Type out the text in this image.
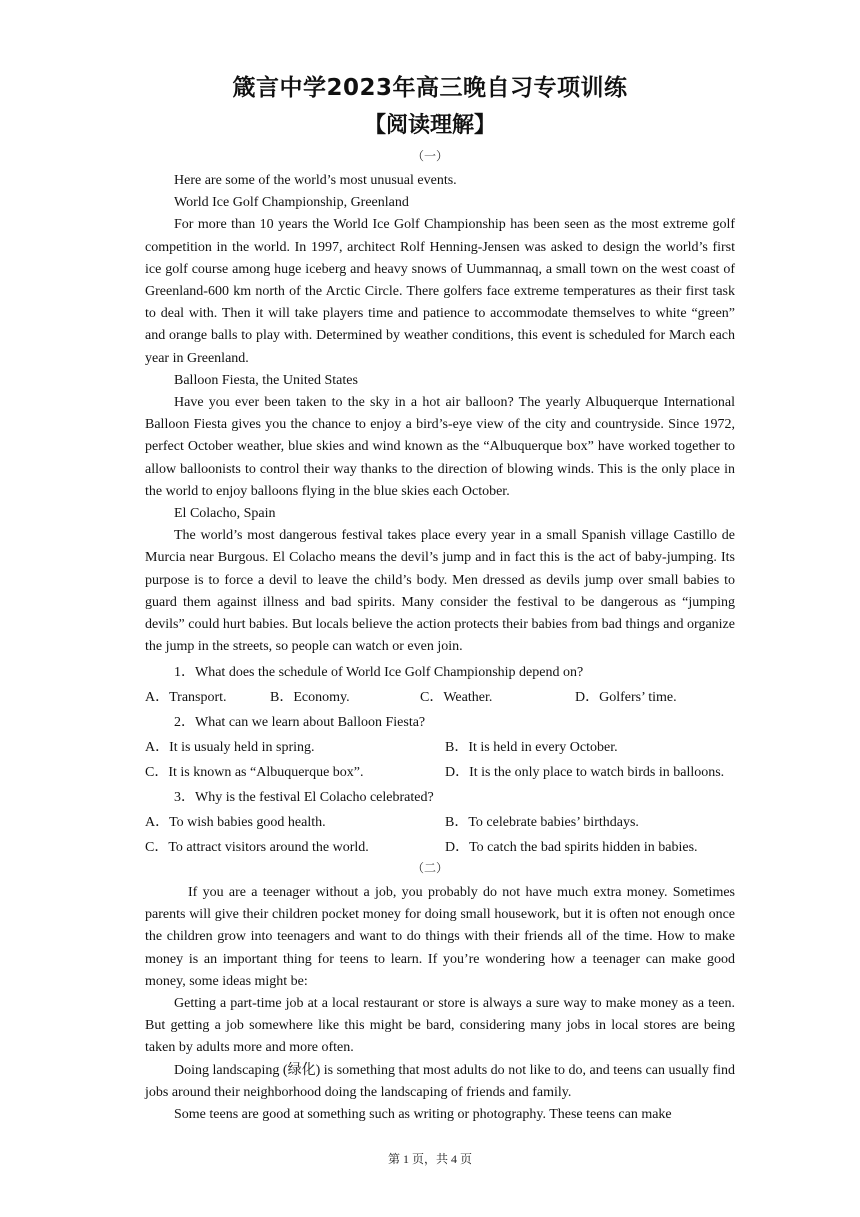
箴言中学2023年高三晚自习专项训练
【阅读理解】
（一）

Here are some of the world’s most unusual events.

World Ice Golf Championship, Greenland

For more than 10 years the World Ice Golf Championship has been seen as the most extreme golf competition in the world. In 1997, architect Rolf Henning-Jensen was asked to design the world’s first ice golf course among huge iceberg and heavy snows of Uummannaq, a small town on the west coast of Greenland-600 km north of the Arctic Circle. There golfers face extreme temperatures as their first task to deal with. Then it will take players time and patience to accommodate themselves to white “green” and orange balls to play with. Determined by weather conditions, this event is scheduled for March each year in Greenland.

Balloon Fiesta, the United States

Have you ever been taken to the sky in a hot air balloon? The yearly Albuquerque International Balloon Fiesta gives you the chance to enjoy a bird’s-eye view of the city and countryside. Since 1972, perfect October weather, blue skies and wind known as the “Albuquerque box” have worked together to allow balloonists to control their way thanks to the direction of blowing winds. This is the only place in the world to enjoy balloons flying in the blue skies each October.

El Colacho, Spain

The world’s most dangerous festival takes place every year in a small Spanish village Castillo de Murcia near Burgous. El Colacho means the devil’s jump and in fact this is the act of baby-jumping. Its purpose is to force a devil to leave the child’s body. Men dressed as devils jump over small babies to guard them against illness and bad spirits. Many consider the festival to be dangerous as “jumping devils” could hurt babies. But locals believe the action protects their babies from bad things and organize the jump in the streets, so people can watch or even join.

1．What does the schedule of World Ice Golf Championship depend on?

A．Transport.	B．Economy.	C．Weather.	D．Golfers’ time.

2．What can we learn about Balloon Fiesta?

A．It is usualy held in spring.	B．It is held in every October.
C．It is known as “Albuquerque box”.	D．It is the only place to watch birds in balloons.

3．Why is the festival El Colacho celebrated?

A．To wish babies good health.	B．To celebrate babies’ birthdays.
C．To attract visitors around the world.	D．To catch the bad spirits hidden in babies.
（二）

If you are a teenager without a job, you probably do not have much extra money. Sometimes parents will give their children pocket money for doing small housework, but it is often not enough once the children grow into teenagers and want to do things with their friends all of the time. How to make money is an important thing for teens to learn. If you’re wondering how a teenager can make good money, some ideas might be:

Getting a part-time job at a local restaurant or store is always a sure way to make money as a teen. But getting a job somewhere like this might be bard, considering many jobs in local stores are being taken by adults more and more often.

Doing landscaping (绿化) is something that most adults do not like to do, and teens can usually find jobs around their neighborhood doing the landscaping of friends and family.

Some teens are good at something such as writing or photography. These teens can make

第 1 页，共 4 页
